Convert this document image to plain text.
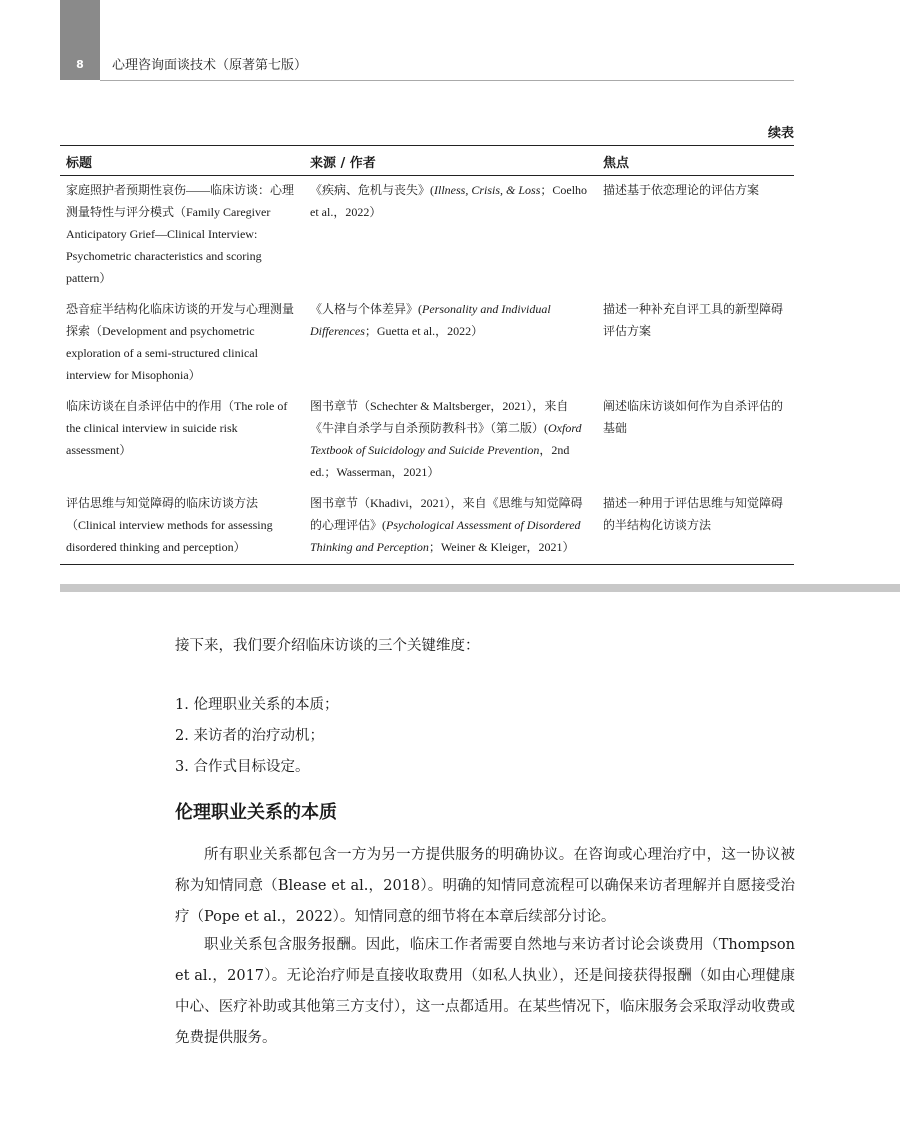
8	心理咨询面谈技术（原著第七版）
续表
标题	来源 / 作者	焦点
家庭照护者预期性哀伤——临床访谈：心理测量特性与评分模式（Family Caregiver Anticipatory Grief—Clinical Interview: Psychometric characteristics and scoring pattern）	《疾病、危机与丧失》(Illness, Crisis, & Loss；Coelho et al.，2022）	描述基于依恋理论的评估方案
恐音症半结构化临床访谈的开发与心理测量探索（Development and psychometric exploration of a semi-structured clinical interview for Misophonia）	《人格与个体差异》(Personality and Individual Differences；Guetta et al.，2022）	描述一种补充自评工具的新型障碍评估方案
临床访谈在自杀评估中的作用（The role of the clinical interview in suicide risk assessment）	图书章节（Schechter & Maltsberger，2021），来自《牛津自杀学与自杀预防教科书》（第二版）(Oxford Textbook of Suicidology and Suicide Prevention，2nd ed.；Wasserman，2021）	阐述临床访谈如何作为自杀评估的基础
评估思维与知觉障碍的临床访谈方法（Clinical interview methods for assessing disordered thinking and perception）	图书章节（Khadivi，2021），来自《思维与知觉障碍的心理评估》(Psychological Assessment of Disordered Thinking and Perception；Weiner & Kleiger，2021）	描述一种用于评估思维与知觉障碍的半结构化访谈方法
接下来，我们要介绍临床访谈的三个关键维度：
1. 伦理职业关系的本质；
2. 来访者的治疗动机；
3. 合作式目标设定。
伦理职业关系的本质

所有职业关系都包含一方为另一方提供服务的明确协议。在咨询或心理治疗中，这一协议被称为知情同意（Blease et al.，2018）。明确的知情同意流程可以确保来访者理解并自愿接受治疗（Pope et al.，2022）。知情同意的细节将在本章后续部分讨论。

职业关系包含服务报酬。因此，临床工作者需要自然地与来访者讨论会谈费用（Thompson et al.，2017）。无论治疗师是直接收取费用（如私人执业），还是间接获得报酬（如由心理健康中心、医疗补助或其他第三方支付），这一点都适用。在某些情况下，临床服务会采取浮动收费或免费提供服务。
